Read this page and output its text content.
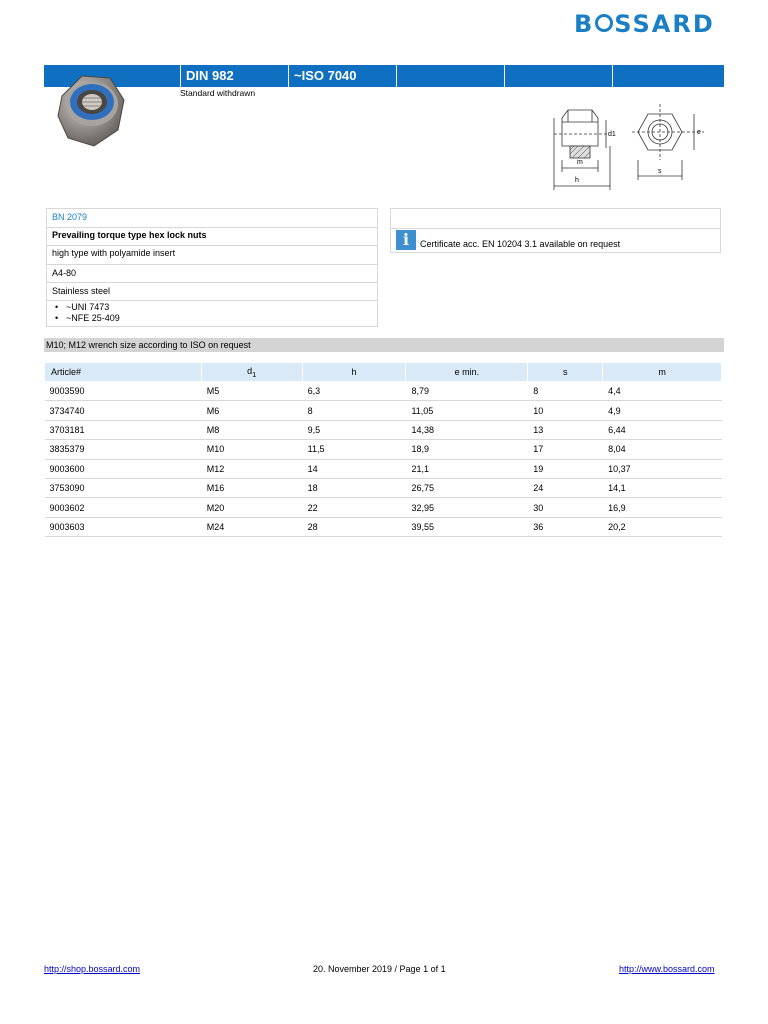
B SSARD
DIN 982	~ISO 7040
Standard withdrawn
m
h
d1	e
s
BN 2079
Prevailing torque type hex lock nuts
high type with polyamide insert
A4-80
Stainless steel
• ~UNI 7473
• ~NFE 25-409
i	Certificate acc. EN 10204 3.1 available on request
M10; M12 wrench size according to ISO on request
Article#	$d_1$	h	e min.	s	m
9003590	M5	6,3	8,79	8	4,4
3734740	M6	8	11,05	10	4,9
3703181	M8	9,5	14,38	13	6,44
3835379	M10	11,5	18,9	17	8,04
9003600	M12	14	21,1	19	10,37
3753090	M16	18	26,75	24	14,1
9003602	M20	22	32,95	30	16,9
9003603	M24	28	39,55	36	20,2
http://shop.bossard.com	20. November 2019 / Page 1 of 1	http://www.bossard.com
